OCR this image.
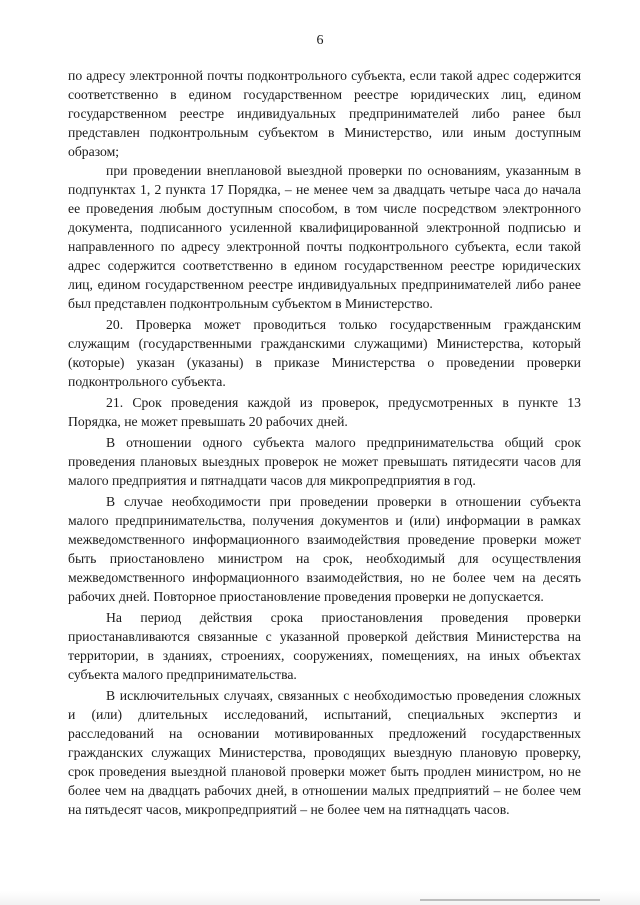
6

по адресу электронной почты подконтрольного субъекта, если такой адрес содержится соответственно в едином государственном реестре юридических лиц, едином государственном реестре индивидуальных предпринимателей либо ранее был представлен подконтрольным субъектом в Министерство, или иным доступным образом;

при проведении внеплановой выездной проверки по основаниям, указанным в подпунктах 1, 2 пункта 17 Порядка, – не менее чем за двадцать четыре часа до начала ее проведения любым доступным способом, в том числе посредством электронного документа, подписанного усиленной квалифицированной электронной подписью и направленного по адресу электронной почты подконтрольного субъекта, если такой адрес содержится соответственно в едином государственном реестре юридических лиц, едином государственном реестре индивидуальных предпринимателей либо ранее был представлен подконтрольным субъектом в Министерство.

20. Проверка может проводиться только государственным гражданским служащим (государственными гражданскими служащими) Министерства, который (которые) указан (указаны) в приказе Министерства о проведении проверки подконтрольного субъекта.

21. Срок проведения каждой из проверок, предусмотренных в пункте 13 Порядка, не может превышать 20 рабочих дней.

В отношении одного субъекта малого предпринимательства общий срок проведения плановых выездных проверок не может превышать пятидесяти часов для малого предприятия и пятнадцати часов для микропредприятия в год.

В случае необходимости при проведении проверки в отношении субъекта малого предпринимательства, получения документов и (или) информации в рамках межведомственного информационного взаимодействия проведение проверки может быть приостановлено министром на срок, необходимый для осуществления межведомственного информационного взаимодействия, но не более чем на десять рабочих дней. Повторное приостановление проведения проверки не допускается.

На период действия срока приостановления проведения проверки приостанавливаются связанные с указанной проверкой действия Министерства на территории, в зданиях, строениях, сооружениях, помещениях, на иных объектах субъекта малого предпринимательства.

В исключительных случаях, связанных с необходимостью проведения сложных и (или) длительных исследований, испытаний, специальных экспертиз и расследований на основании мотивированных предложений государственных гражданских служащих Министерства, проводящих выездную плановую проверку, срок проведения выездной плановой проверки может быть продлен министром, но не более чем на двадцать рабочих дней, в отношении малых предприятий – не более чем на пятьдесят часов, микропредприятий – не более чем на пятнадцать часов.
